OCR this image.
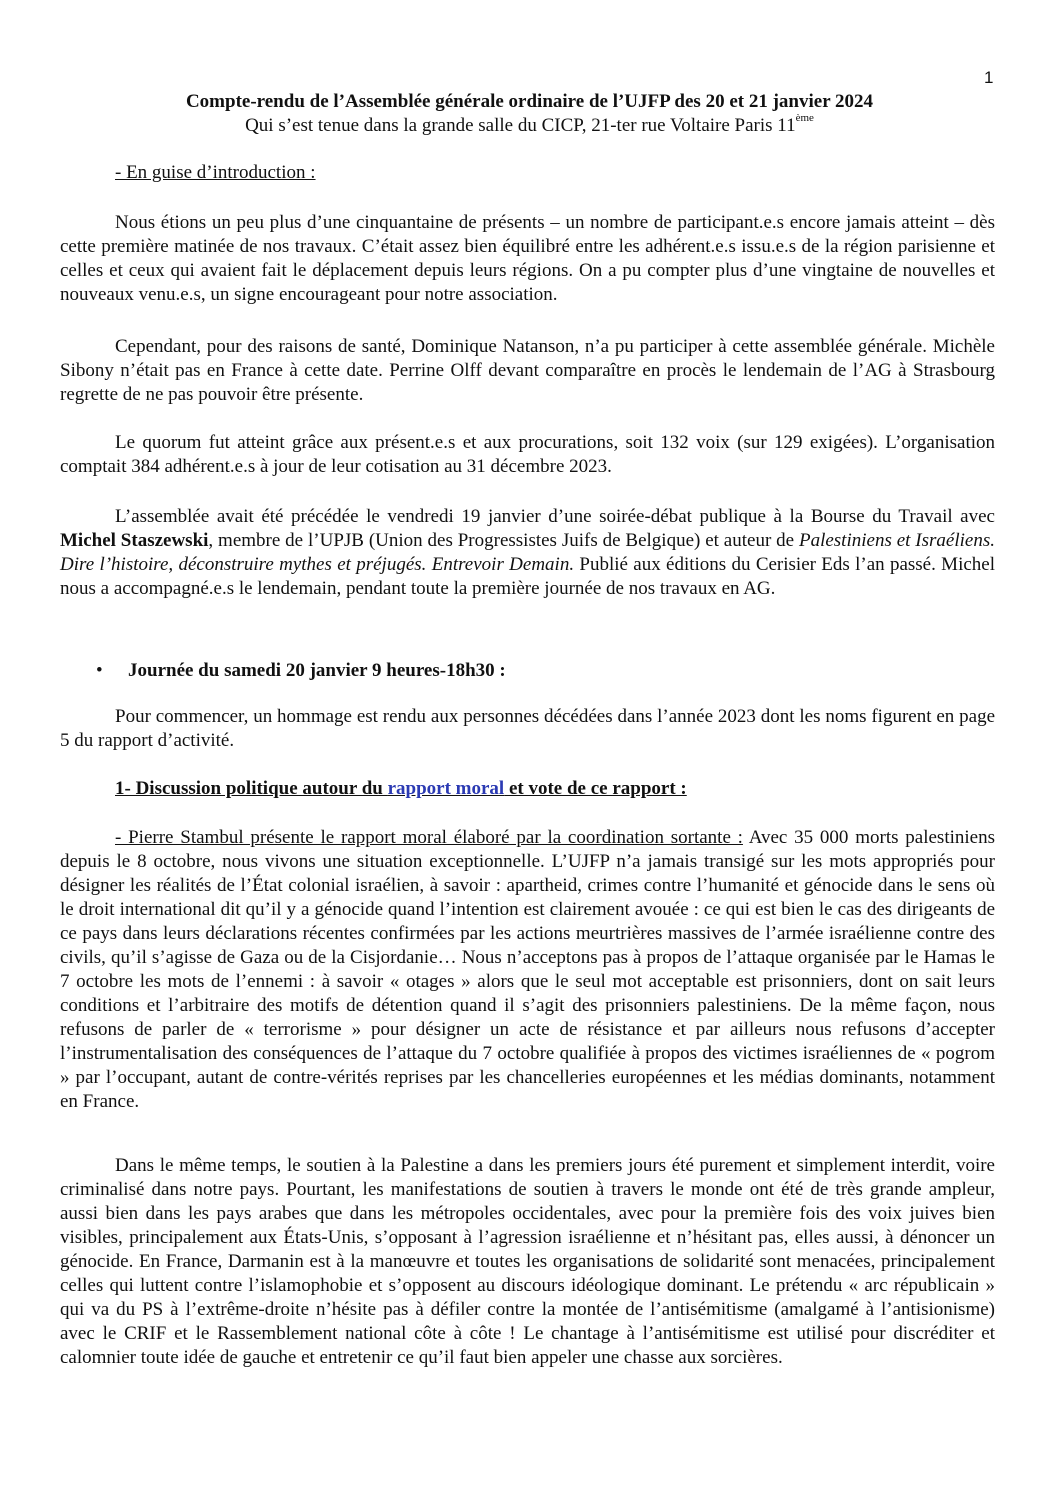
1
Compte-rendu de l’Assemblée générale ordinaire de l’UJFP des 20 et 21 janvier 2024
Qui s’est tenue dans la grande salle du CICP, 21-ter rue Voltaire Paris 11ème
- En guise d’introduction :

Nous étions un peu plus d’une cinquantaine de présents – un nombre de participant.e.s encore jamais atteint – dès cette première matinée de nos travaux. C’était assez bien équilibré entre les adhérent.e.s issu.e.s de la région parisienne et celles et ceux qui avaient fait le déplacement depuis leurs régions. On a pu compter plus d’une vingtaine de nouvelles et nouveaux venu.e.s, un signe encourageant pour notre association.

Cependant, pour des raisons de santé, Dominique Natanson, n’a pu participer à cette assemblée générale. Michèle Sibony n’était pas en France à cette date. Perrine Olff devant comparaître en procès le lendemain de l’AG à Strasbourg regrette de ne pas pouvoir être présente.

Le quorum fut atteint grâce aux présent.e.s et aux procurations, soit 132 voix (sur 129 exigées). L’organisation comptait 384 adhérent.e.s à jour de leur cotisation au 31 décembre 2023.

L’assemblée avait été précédée le vendredi 19 janvier d’une soirée-débat publique à la Bourse du Travail avec Michel Staszewski, membre de l’UPJB (Union des Progressistes Juifs de Belgique) et auteur de Palestiniens et Israéliens. Dire l’histoire, déconstruire mythes et préjugés. Entrevoir Demain. Publié aux éditions du Cerisier Eds l’an passé. Michel nous a accompagné.e.s le lendemain, pendant toute la première journée de nos travaux en AG.

•	Journée du samedi 20 janvier 9 heures-18h30 :

Pour commencer, un hommage est rendu aux personnes décédées dans l’année 2023 dont les noms figurent en page 5 du rapport d’activité.

1- Discussion politique autour du rapport moral et vote de ce rapport :

- Pierre Stambul présente le rapport moral élaboré par la coordination sortante : Avec 35 000 morts palestiniens depuis le 8 octobre, nous vivons une situation exceptionnelle. L’UJFP n’a jamais transigé sur les mots appropriés pour désigner les réalités de l’État colonial israélien, à savoir : apartheid, crimes contre l’humanité et génocide dans le sens où le droit international dit qu’il y a génocide quand l’intention est clairement avouée : ce qui est bien le cas des dirigeants de ce pays dans leurs déclarations récentes confirmées par les actions meurtrières massives de l’armée israélienne contre des civils, qu’il s’agisse de Gaza ou de la Cisjordanie… Nous n’acceptons pas à propos de l’attaque organisée par le Hamas le 7 octobre les mots de l’ennemi : à savoir « otages » alors que le seul mot acceptable est prisonniers, dont on sait leurs conditions et l’arbitraire des motifs de détention quand il s’agit des prisonniers palestiniens. De la même façon, nous refusons de parler de « terrorisme » pour désigner un acte de résistance et par ailleurs nous refusons d’accepter l’instrumentalisation des conséquences de l’attaque du 7 octobre qualifiée à propos des victimes israéliennes de « pogrom » par l’occupant, autant de contre-vérités reprises par les chancelleries européennes et les médias dominants, notamment en France.

Dans le même temps, le soutien à la Palestine a dans les premiers jours été purement et simplement interdit, voire criminalisé dans notre pays. Pourtant, les manifestations de soutien à travers le monde ont été de très grande ampleur, aussi bien dans les pays arabes que dans les métropoles occidentales, avec pour la première fois des voix juives bien visibles, principalement aux États-Unis, s’opposant à l’agression israélienne et n’hésitant pas, elles aussi, à dénoncer un génocide. En France, Darmanin est à la manœuvre et toutes les organisations de solidarité sont menacées, principalement celles qui luttent contre l’islamophobie et s’opposent au discours idéologique dominant. Le prétendu « arc républicain » qui va du PS à l’extrême-droite n’hésite pas à défiler contre la montée de l’antisémitisme (amalgamé à l’antisionisme) avec le CRIF et le Rassemblement national côte à côte ! Le chantage à l’antisémitisme est utilisé pour discréditer et calomnier toute idée de gauche et entretenir ce qu’il faut bien appeler une chasse aux sorcières.
